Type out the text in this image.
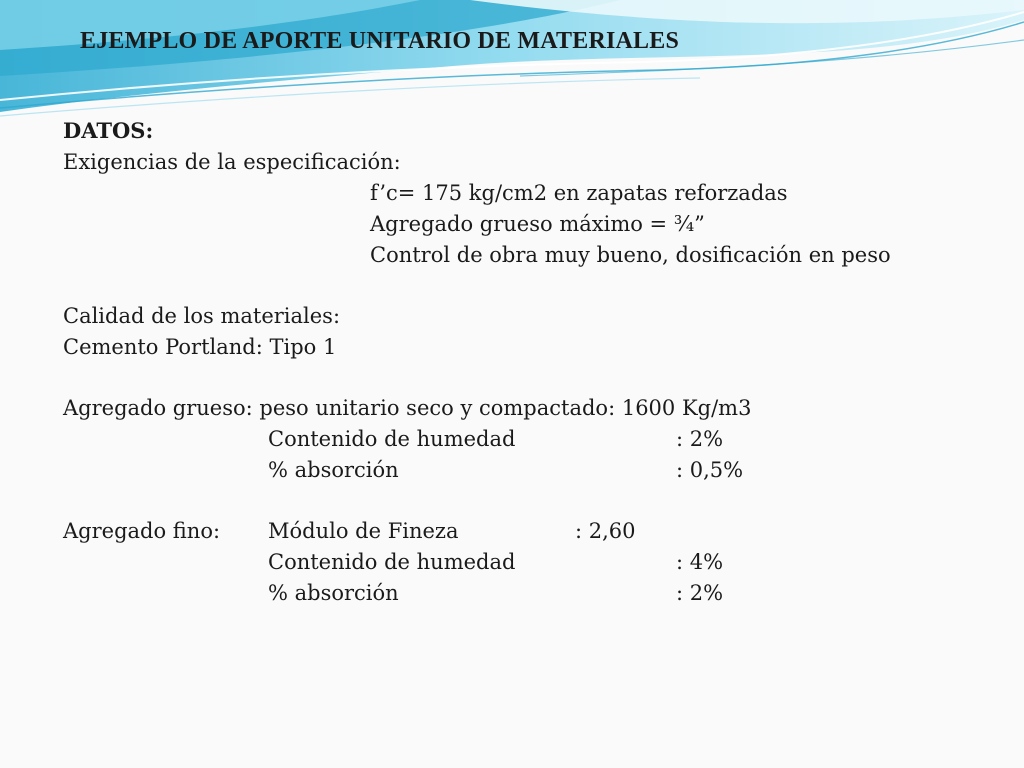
EJEMPLO DE APORTE UNITARIO DE MATERIALES
DATOS:
Exigencias de la especificación:
f’c= 175 kg/cm2 en zapatas reforzadas
Agregado grueso máximo = ¾”
Control de obra muy bueno, dosificación en peso
Calidad de los materiales:
Cemento Portland: Tipo 1
Agregado grueso: peso unitario seco y compactado: 1600 Kg/m3
Contenido de humedad	: 2%
% absorción	: 0,5%
Agregado fino: Módulo de Fineza	: 2,60
Contenido de humedad	: 4%
% absorción	: 2%
